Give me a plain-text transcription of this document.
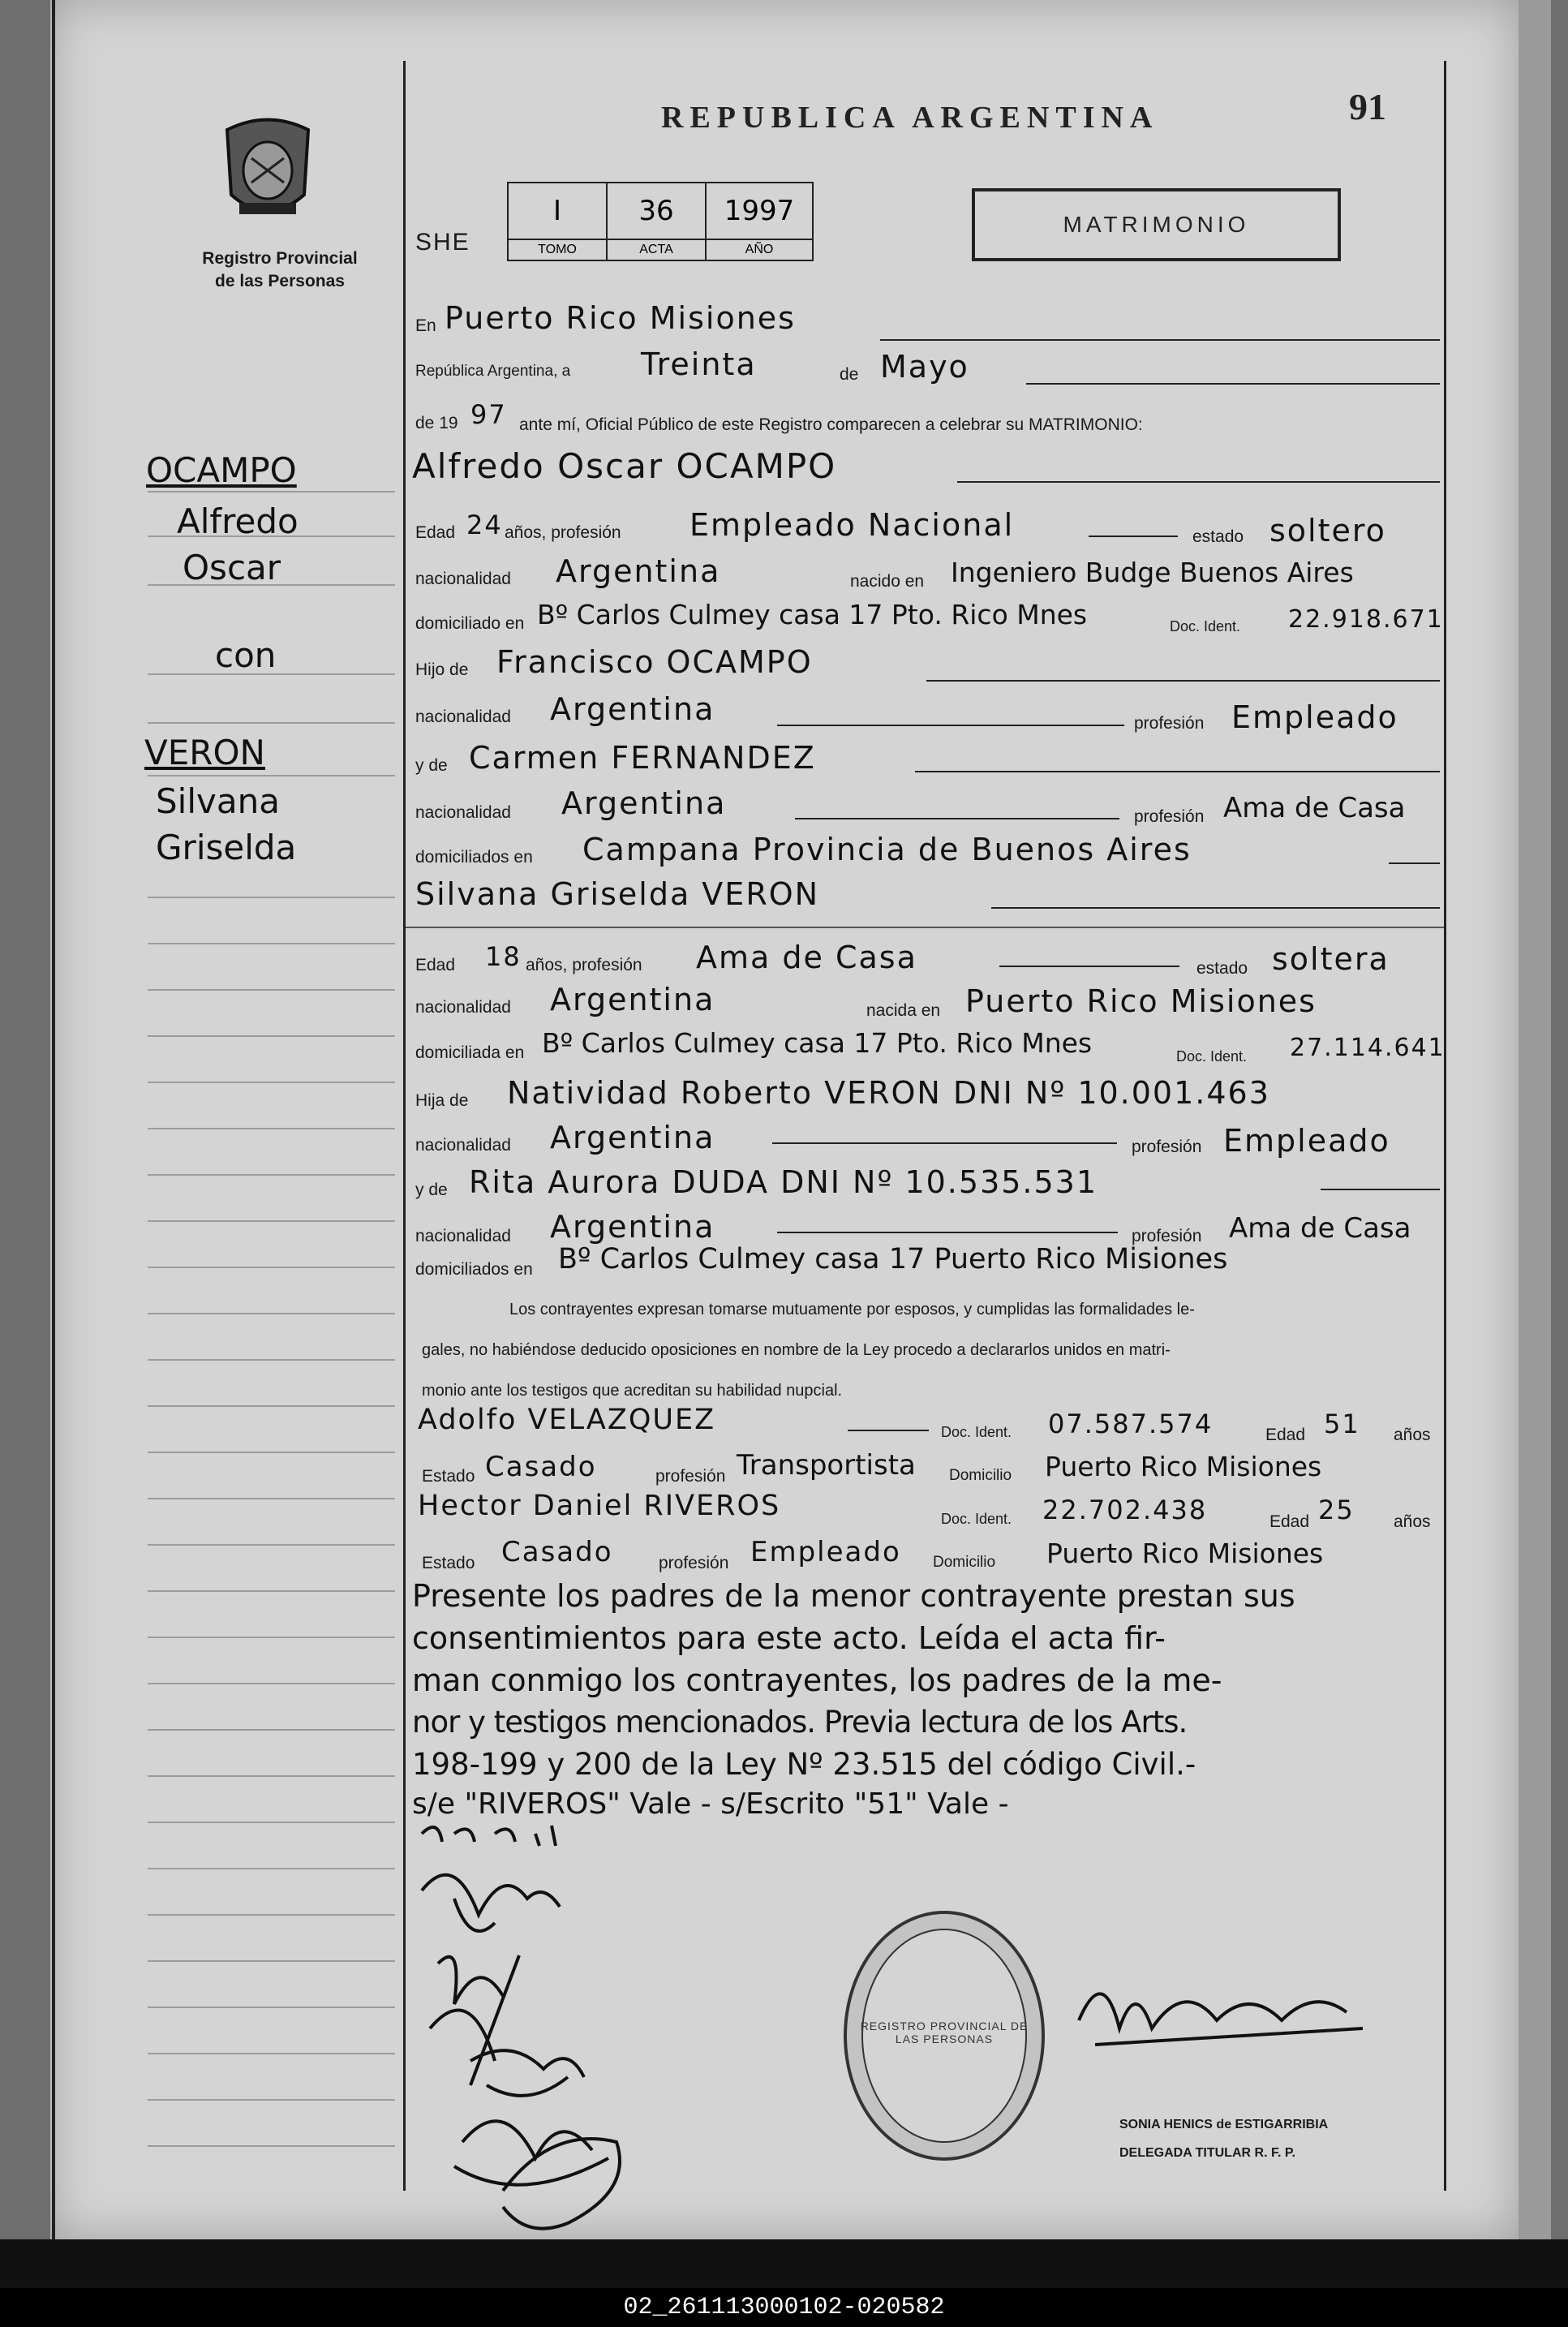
02_261113000102-020582
Registro Provincial
de las Personas
REPUBLICA ARGENTINA	91
SHE
I	36	1997
TOMO	ACTA	AÑO
MATRIMONIO
OCAMPO
Alfredo
Oscar
con
VERON
Silvana
Griselda
En Puerto Rico Misiones
República Argentina, a Treinta	de Mayo
de 19 97 ante mí, Oficial Público de este Registro comparecen a celebrar su MATRIMONIO:
Alfredo Oscar OCAMPO
Edad 24 años, profesión Empleado Nacional	estado soltero
nacionalidad Argentina	nacido en Ingeniero Budge Buenos Aires
domiciliado en Bº Carlos Culmey casa 17 Pto. Rico Mnes	Doc. Ident. 22.918.671
Hijo de Francisco OCAMPO
nacionalidad Argentina	profesión Empleado
y de Carmen FERNANDEZ
nacionalidad Argentina	profesión Ama de Casa
domiciliados en Campana Provincia de Buenos Aires
Silvana Griselda VERON
Edad 18 años, profesión Ama de Casa	estado soltera
nacionalidad Argentina	nacida en Puerto Rico Misiones
domiciliada en Bº Carlos Culmey casa 17 Pto. Rico Mnes	Doc. Ident. 27.114.641
Hija de Natividad Roberto VERON DNI Nº 10.001.463
nacionalidad Argentina	profesión Empleado
y de Rita Aurora DUDA DNI Nº 10.535.531
nacionalidad Argentina	profesión Ama de Casa
domiciliados en Bº Carlos Culmey casa 17 Puerto Rico Misiones
Los contrayentes expresan tomarse mutuamente por esposos, y cumplidas las formalidades le-
gales, no habiéndose deducido oposiciones en nombre de la Ley procedo a declararlos unidos en matri-
monio ante los testigos que acreditan su habilidad nupcial.
Adolfo VELAZQUEZ	Doc. Ident. 07.587.574	Edad 51 años
Estado Casado	profesión Transportista Domicilio Puerto Rico Misiones
Hector Daniel RIVEROS	Doc. Ident. 22.702.438	Edad 25 años
Estado Casado	profesión Empleado Domicilio Puerto Rico Misiones
Presente los padres de la menor contrayente prestan sus
consentimientos para este acto. Leída el acta fir-
man conmigo los contrayentes, los padres de la me-
nor y testigos mencionados. Previa lectura de los Arts.
198-199 y 200 de la Ley Nº 23.515 del código Civil.-
s/e "RIVEROS" Vale - s/Escrito "51" Vale -
REGISTRO PROVINCIAL DE LAS PERSONAS
SONIA HENICS de ESTIGARRIBIA
DELEGADA TITULAR R. F. P.
